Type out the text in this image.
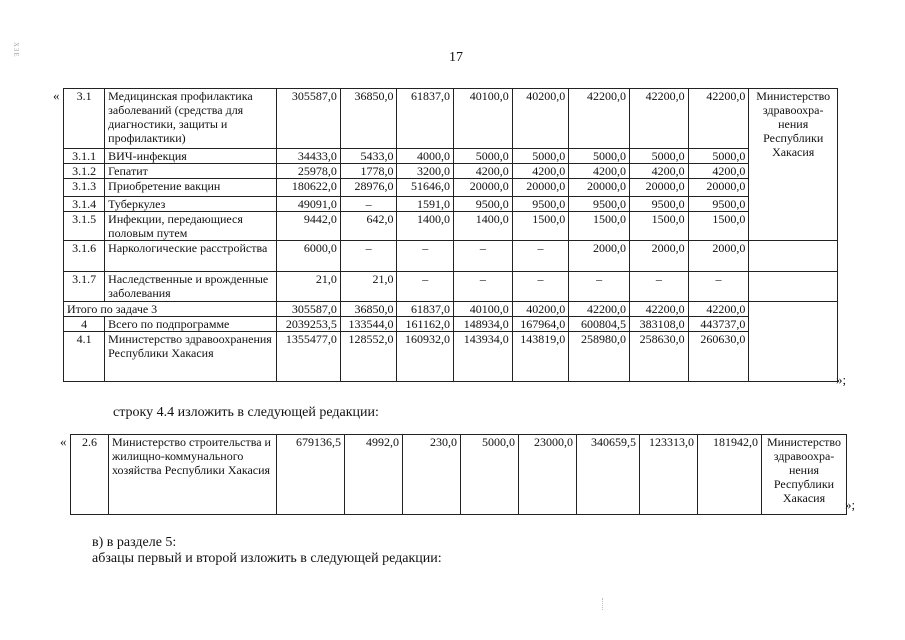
ХЗЕ	17
«
»;
3.1	Медицинская профилактика заболеваний (средства для диагностики, защиты и профилактики)	305587,0	36850,0	61837,0	40100,0	40200,0	42200,0	42200,0	42200,0	Министерство здравоохра-нения Республики Хакасия
3.1.1	ВИЧ-инфекция	34433,0	5433,0	4000,0	5000,0	5000,0	5000,0	5000,0	5000,0	
3.1.2	Гепатит	25978,0	1778,0	3200,0	4200,0	4200,0	4200,0	4200,0	4200,0	
3.1.3	Приобретение вакцин	180622,0	28976,0	51646,0	20000,0	20000,0	20000,0	20000,0	20000,0	
3.1.4	Туберкулез	49091,0	–	1591,0	9500,0	9500,0	9500,0	9500,0	9500,0	
3.1.5	Инфекции, передающиеся половым путем	9442,0	642,0	1400,0	1400,0	1500,0	1500,0	1500,0	1500,0	
3.1.6	Наркологические расстройства	6000,0	–	–	–	–	2000,0	2000,0	2000,0	
3.1.7	Наследственные и врожденные заболевания	21,0	21,0	–	–	–	–	–	–	
Итого по задаче 3		305587,0	36850,0	61837,0	40100,0	40200,0	42200,0	42200,0	42200,0	
4	Всего по подпрограмме	2039253,5	133544,0	161162,0	148934,0	167964,0	600804,5	383108,0	443737,0	
4.1	Министерство здравоохранения Республики Хакасия	1355477,0	128552,0	160932,0	143934,0	143819,0	258980,0	258630,0	260630,0	
строку 4.4 изложить в следующей редакции:
«
»;
2.6	Министерство строительства и жилищно-коммунального хозяйства Республики Хакасия	679136,5	4992,0	230,0	5000,0	23000,0	340659,5	123313,0	181942,0	Министерство здравоохра-нения Республики Хакасия
в) в разделе 5:
абзацы первый и второй изложить в следующей редакции:
